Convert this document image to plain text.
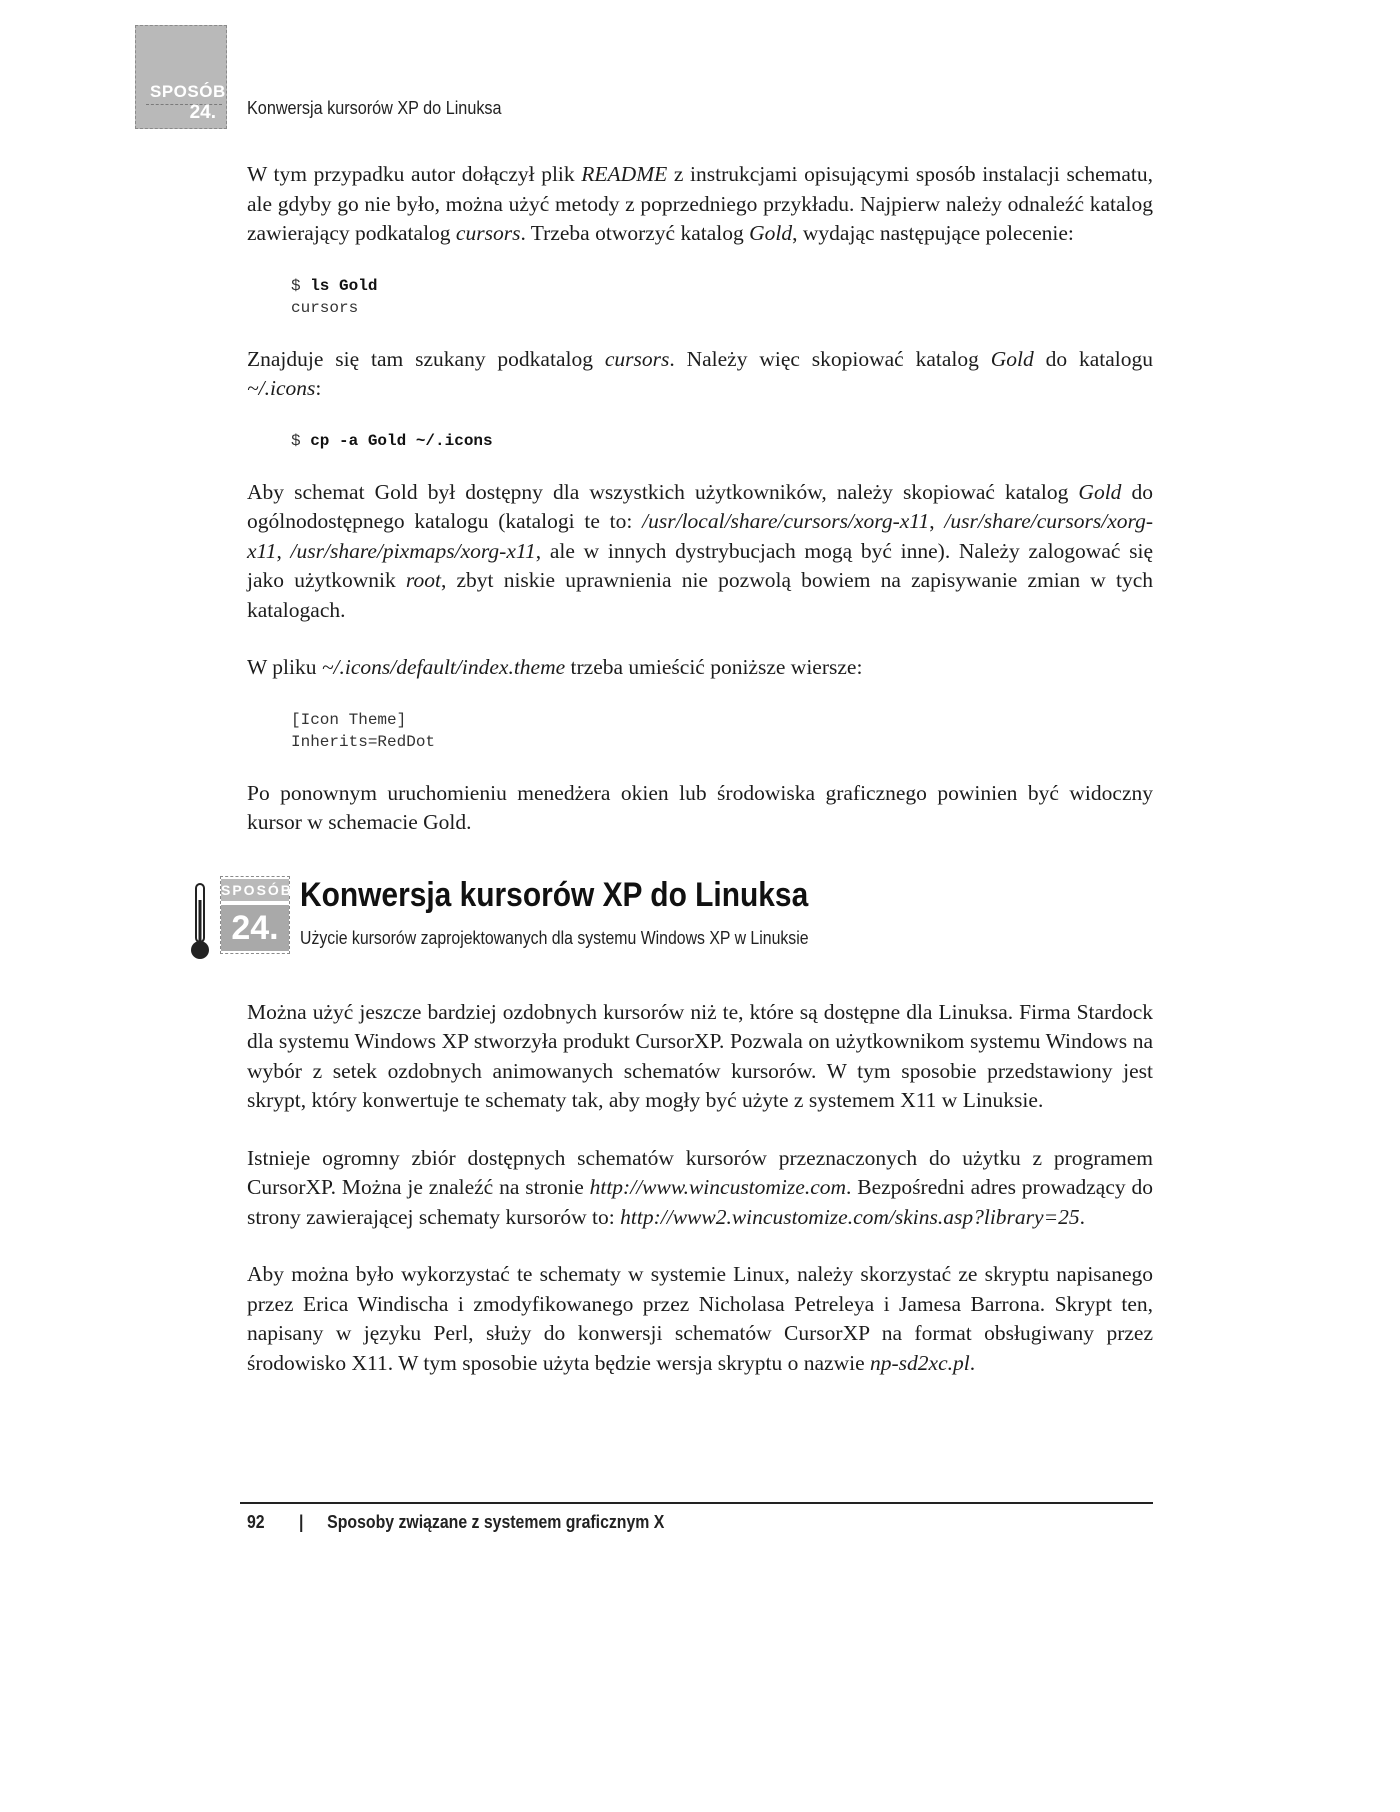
SPOSÓB
24. Konwersja kursorów XP do Linuksa

W tym przypadku autor dołączył plik README z instrukcjami opisującymi sposób instalacji schematu, ale gdyby go nie było, można użyć metody z poprzedniego przykładu. Najpierw należy odnaleźć katalog zawierający podkatalog cursors. Trzeba otworzyć katalog Gold, wydając następujące polecenie:

$ ls Gold
cursors

Znajduje się tam szukany podkatalog cursors. Należy więc skopiować katalog Gold do katalogu ~/.icons:

$ cp -a Gold ~/.icons

Aby schemat Gold był dostępny dla wszystkich użytkowników, należy skopiować katalog Gold do ogólnodostępnego katalogu (katalogi te to: /usr/local/share/cursors/xorg-x11, /usr/share/cursors/xorg-x11, /usr/share/pixmaps/xorg-x11, ale w innych dystrybucjach mogą być inne). Należy zalogować się jako użytkownik root, zbyt niskie uprawnienia nie pozwolą bowiem na zapisywanie zmian w tych katalogach.

W pliku ~/.icons/default/index.theme trzeba umieścić poniższe wiersze:

[Icon Theme]
Inherits=RedDot

Po ponownym uruchomieniu menedżera okien lub środowiska graficznego powinien być widoczny kursor w schemacie Gold.

SPOSÓB
24.
Konwersja kursorów XP do Linuksa
Użycie kursorów zaprojektowanych dla systemu Windows XP w Linuksie

Można użyć jeszcze bardziej ozdobnych kursorów niż te, które są dostępne dla Linuksa. Firma Stardock dla systemu Windows XP stworzyła produkt CursorXP. Pozwala on użytkownikom systemu Windows na wybór z setek ozdobnych animowanych schematów kursorów. W tym sposobie przedstawiony jest skrypt, który konwertuje te schematy tak, aby mogły być użyte z systemem X11 w Linuksie.

Istnieje ogromny zbiór dostępnych schematów kursorów przeznaczonych do użytku z programem CursorXP. Można je znaleźć na stronie http://www.wincustomize.com. Bezpośredni adres prowadzący do strony zawierającej schematy kursorów to: http://www2.wincustomize.com/skins.asp?library=25.

Aby można było wykorzystać te schematy w systemie Linux, należy skorzystać ze skryptu napisanego przez Erica Windischa i zmodyfikowanego przez Nicholasa Petreleya i Jamesa Barrona. Skrypt ten, napisany w języku Perl, służy do konwersji schematów CursorXP na format obsługiwany przez środowisko X11. W tym sposobie użyta będzie wersja skryptu o nazwie np-sd2xc.pl.

92 | Sposoby związane z systemem graficznym X
